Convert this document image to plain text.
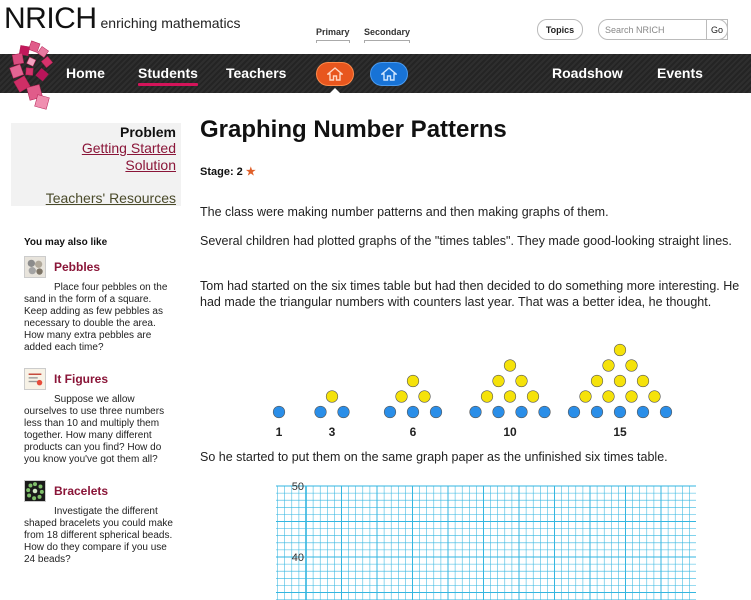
NRICH enriching mathematics
Primary Secondary	Topics
Search NRICH	Go
Home Students Teachers	Roadshow Events
Problem
Getting Started
Solution
Teachers' Resources
You may also like
Pebbles
Place four pebbles on the sand in the form of a square. Keep adding as few pebbles as necessary to double the area. How many extra pebbles are added each time?
It Figures
Suppose we allow ourselves to use three numbers less than 10 and multiply them together. How many different products can you find? How do you know you've got them all?
Bracelets
Investigate the different shaped bracelets you could make from 18 different spherical beads. How do they compare if you use 24 beads?
Graphing Number Patterns
Stage: 2 ★

The class were making number patterns and then making graphs of them.

Several children had plotted graphs of the "times tables". They made good-looking straight lines.

Tom had started on the six times table but had then decided to do something more interesting. He had made the triangular numbers with counters last year. That was a better idea, he thought.

1	3	6	10	15

So he started to put them on the same graph paper as the unfinished six times table.

50
40
